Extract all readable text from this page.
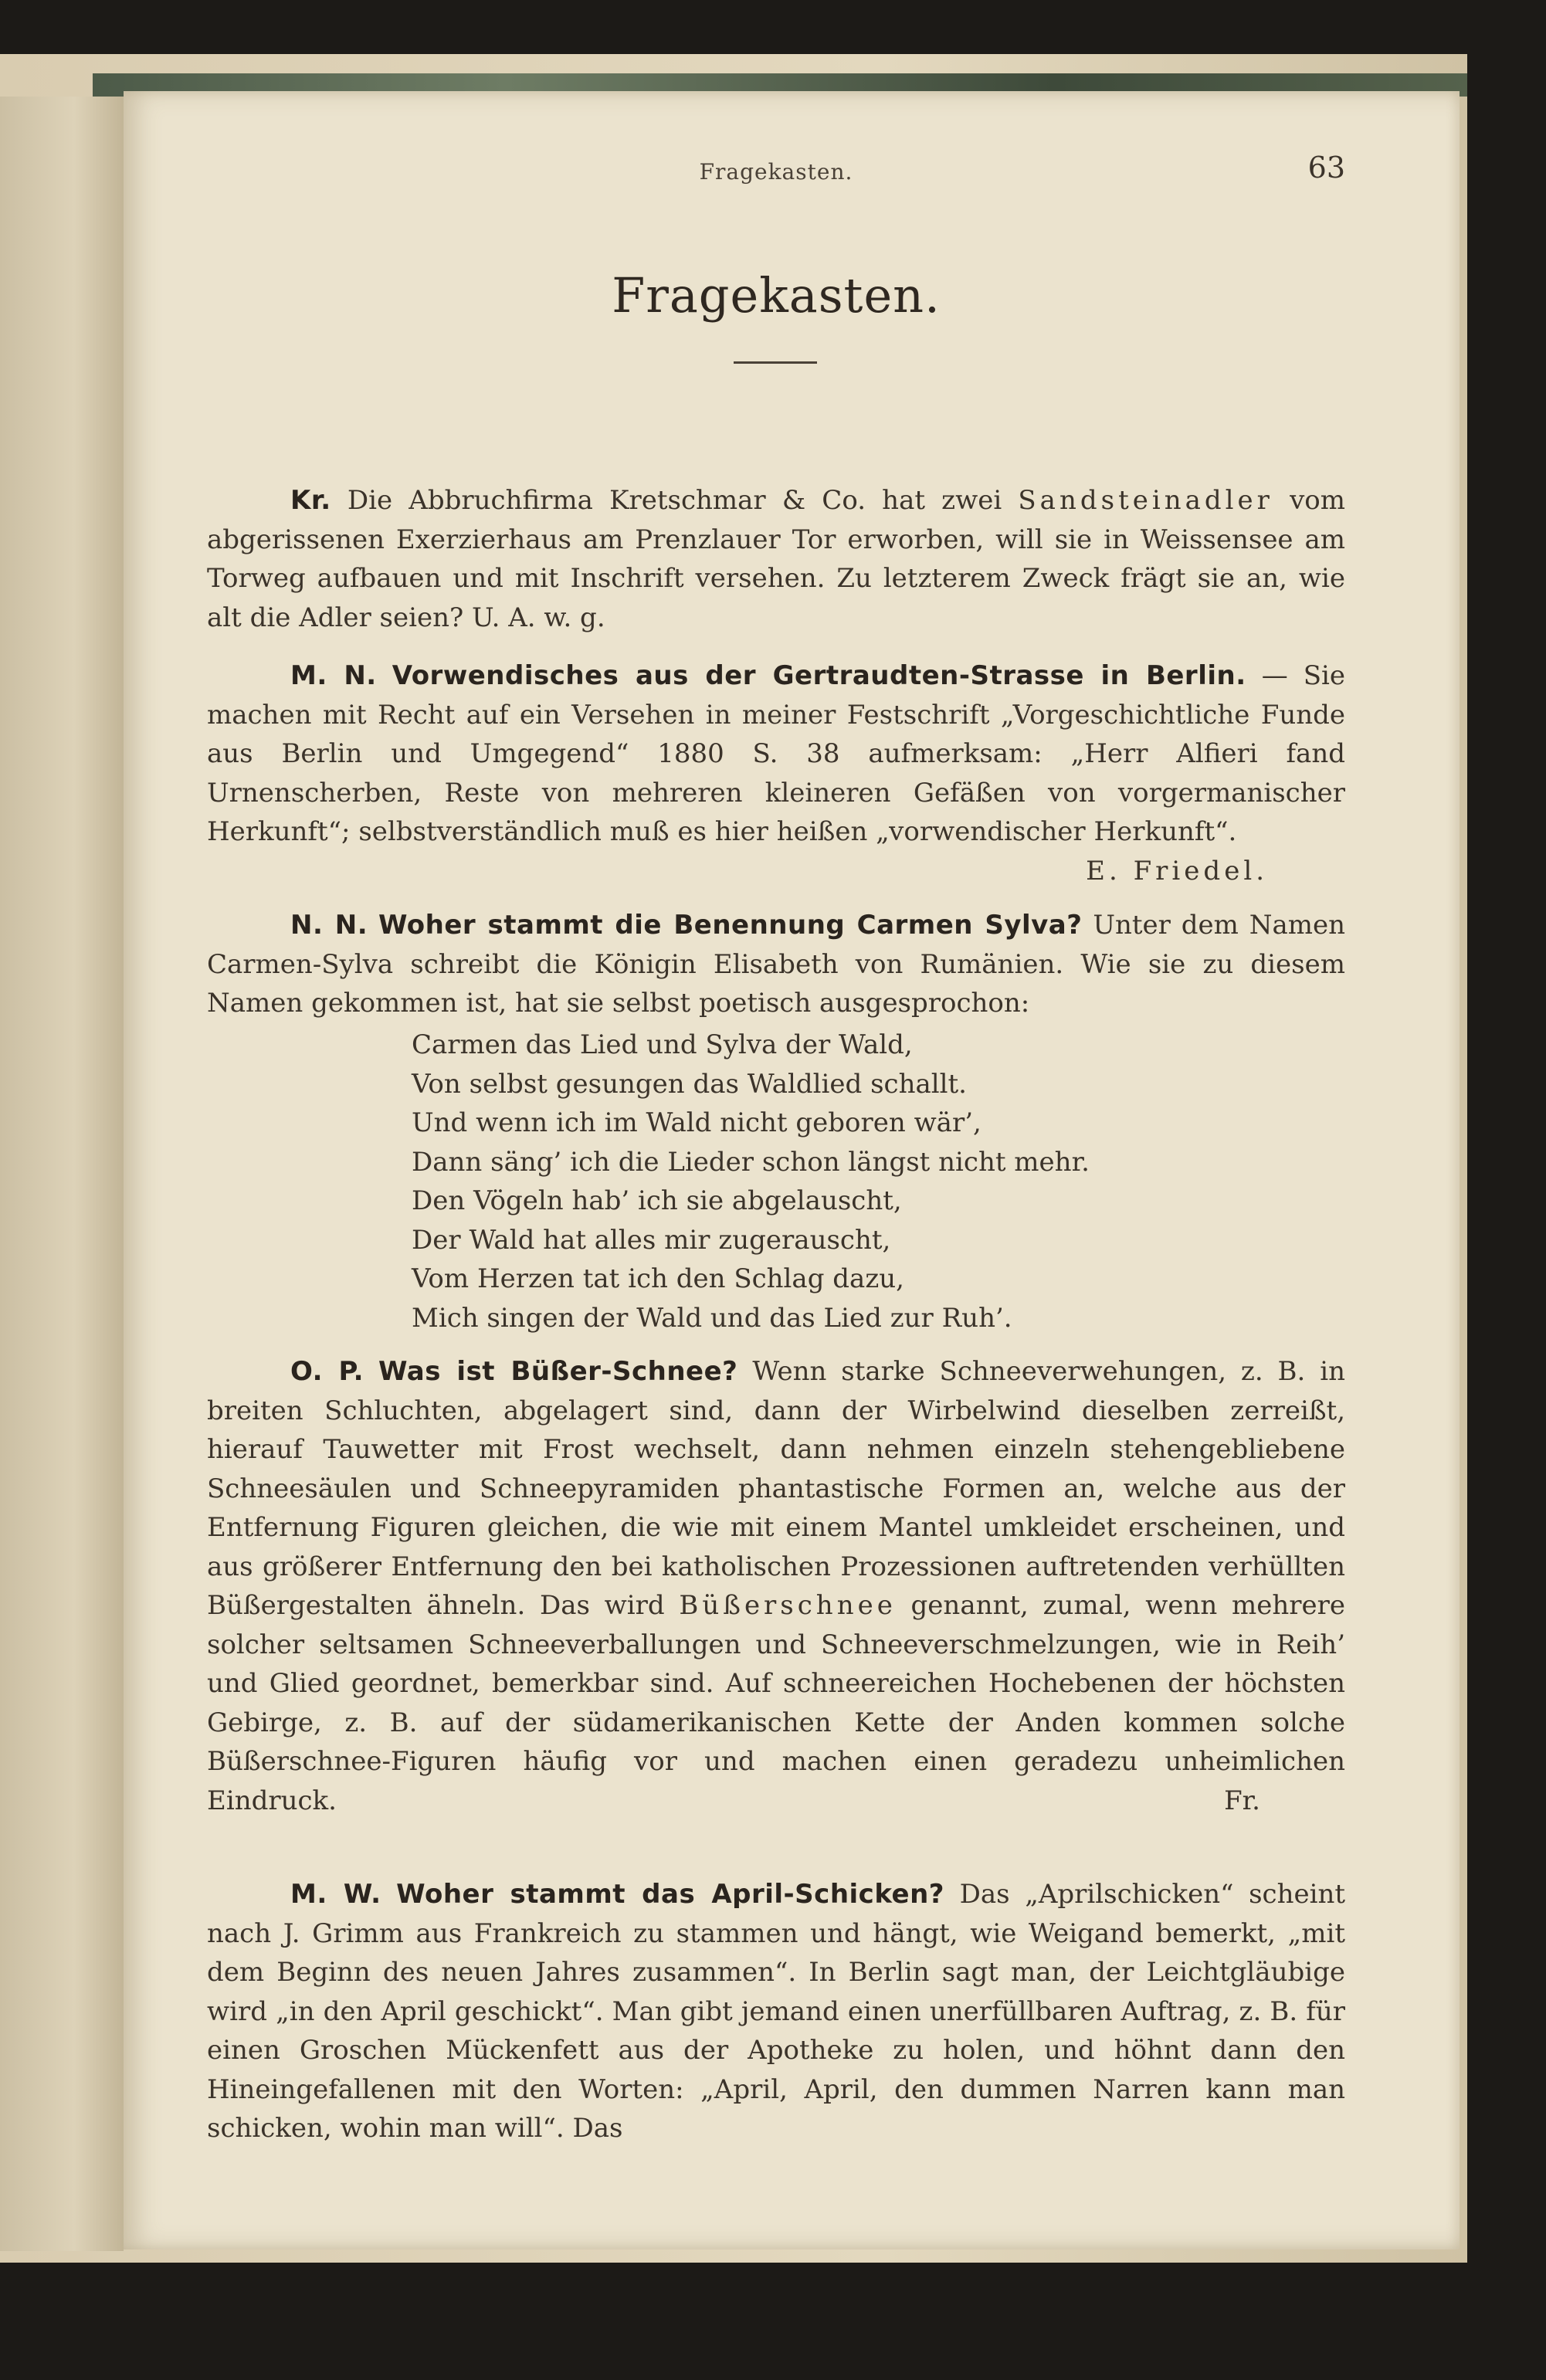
Fragekasten.	63
Fragekasten.

Kr. Die Abbruchfirma Kretschmar & Co. hat zwei Sandsteinadler vom abgerissenen Exerzierhaus am Prenzlauer Tor erworben, will sie in Weissensee am Torweg aufbauen und mit Inschrift versehen. Zu letzterem Zweck frägt sie an, wie alt die Adler seien? U. A. w. g.

M. N. Vorwendisches aus der Gertraudten-Strasse in Berlin. — Sie machen mit Recht auf ein Versehen in meiner Festschrift „Vorgeschichtliche Funde aus Berlin und Umgegend“ 1880 S. 38 aufmerksam: „Herr Alfieri fand Urnenscherben, Reste von mehreren kleineren Gefäßen von vorgermanischer Herkunft“; selbstverständlich muß es hier heißen „vorwendischer Herkunft“.
E. Friedel.

N. N. Woher stammt die Benennung Carmen Sylva? Unter dem Namen Carmen-Sylva schreibt die Königin Elisabeth von Rumänien. Wie sie zu diesem Namen gekommen ist, hat sie selbst poetisch ausgesprochon:

Carmen das Lied und Sylva der Wald,
Von selbst gesungen das Waldlied schallt.
Und wenn ich im Wald nicht geboren wär’,
Dann säng’ ich die Lieder schon längst nicht mehr.
Den Vögeln hab’ ich sie abgelauscht,
Der Wald hat alles mir zugerauscht,
Vom Herzen tat ich den Schlag dazu,
Mich singen der Wald und das Lied zur Ruh’.

O. P. Was ist Büßer-Schnee? Wenn starke Schneeverwehungen, z. B. in breiten Schluchten, abgelagert sind, dann der Wirbelwind dieselben zerreißt, hierauf Tauwetter mit Frost wechselt, dann nehmen einzeln stehengebliebene Schneesäulen und Schneepyramiden phantastische Formen an, welche aus der Entfernung Figuren gleichen, die wie mit einem Mantel umkleidet erscheinen, und aus größerer Entfernung den bei katholischen Prozessionen auftretenden verhüllten Büßergestalten ähneln. Das wird Büßerschnee genannt, zumal, wenn mehrere solcher seltsamen Schneeverballungen und Schneeverschmelzungen, wie in Reih’ und Glied geordnet, bemerkbar sind. Auf schneereichen Hochebenen der höchsten Gebirge, z. B. auf der südamerikanischen Kette der Anden kommen solche Büßerschnee-Figuren häufig vor und machen einen geradezu unheimlichen Eindruck.	Fr.

M. W. Woher stammt das April-Schicken? Das „Aprilschicken“ scheint nach J. Grimm aus Frankreich zu stammen und hängt, wie Weigand bemerkt, „mit dem Beginn des neuen Jahres zusammen“. In Berlin sagt man, der Leichtgläubige wird „in den April geschickt“. Man gibt jemand einen unerfüllbaren Auftrag, z. B. für einen Groschen Mückenfett aus der Apotheke zu holen, und höhnt dann den Hineingefallenen mit den Worten: „April, April, den dummen Narren kann man schicken, wohin man will“. Das
